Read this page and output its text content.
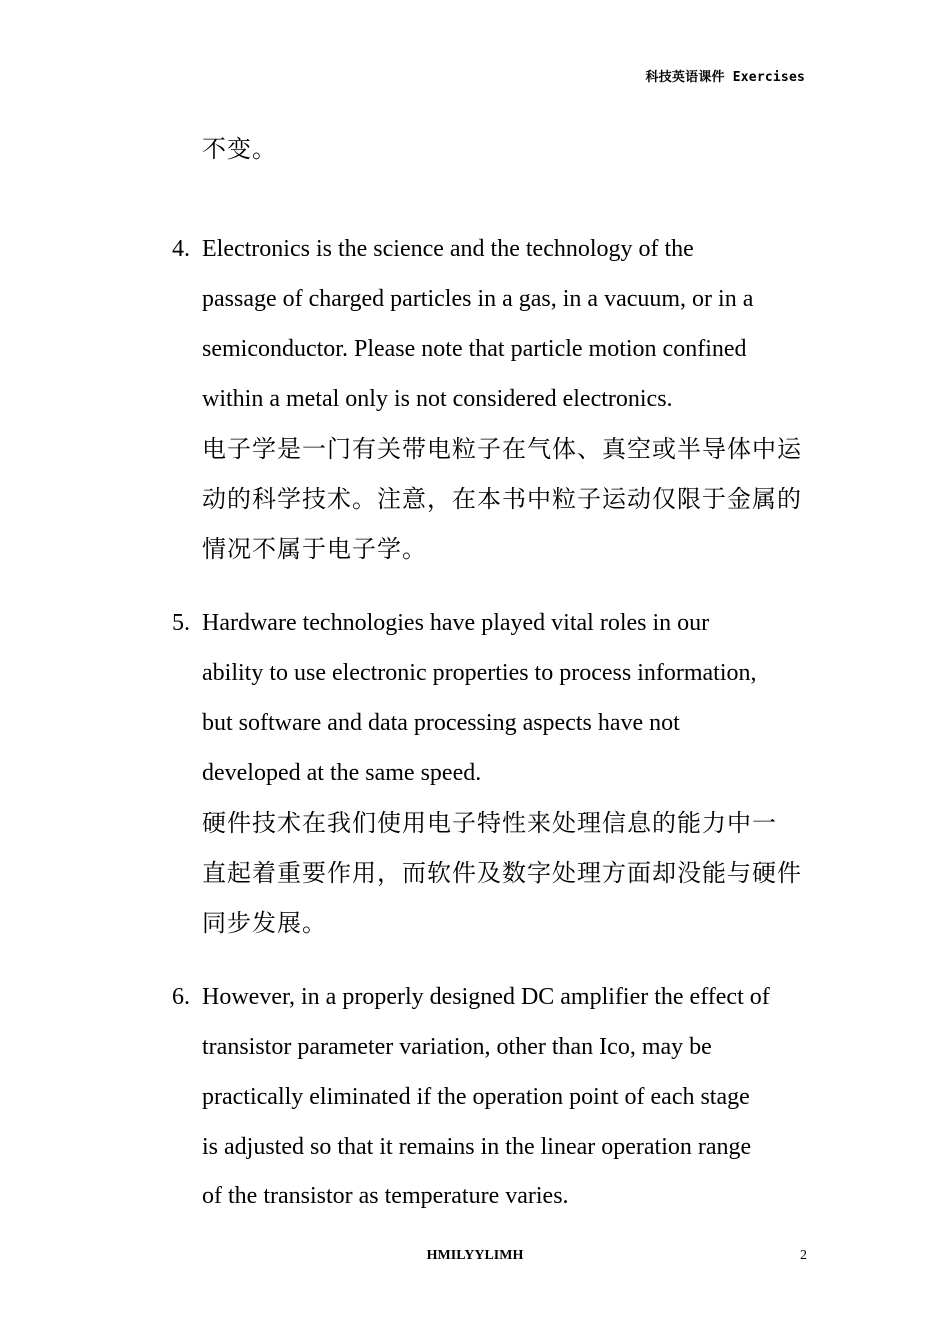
科技英语课件 Exercises
不变。
4. Electronics is the science and the technology of the
passage of charged particles in a gas, in a vacuum, or in a
semiconductor. Please note that particle motion confined
within a metal only is not considered electronics.
电子学是一门有关带电粒子在气体、真空或半导体中运
动的科学技术。注意，在本书中粒子运动仅限于金属的
情况不属于电子学。
5. Hardware technologies have played vital roles in our
ability to use electronic properties to process information,
but software and data processing aspects have not
developed at the same speed.
硬件技术在我们使用电子特性来处理信息的能力中一
直起着重要作用，而软件及数字处理方面却没能与硬件
同步发展。
6. However, in a properly designed DC amplifier the effect of
transistor parameter variation, other than Ico, may be
practically eliminated if the operation point of each stage
is adjusted so that it remains in the linear operation range
of the transistor as temperature varies.
HMILYYLIMH	2
